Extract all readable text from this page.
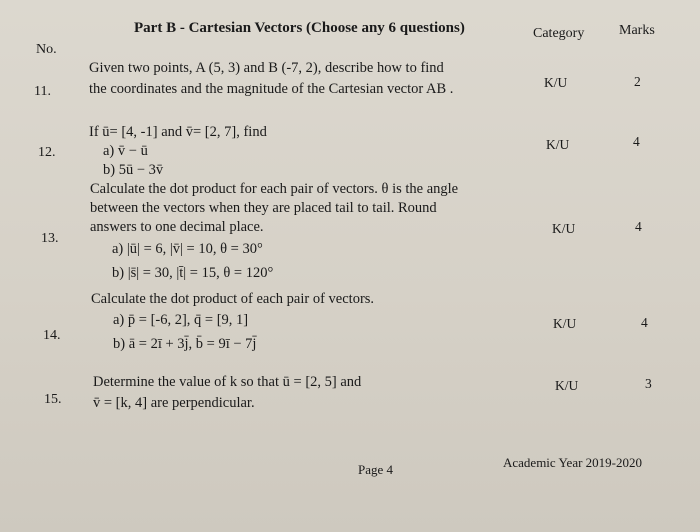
Part B - Cartesian Vectors (Choose any 6 questions)	Category Marks
No.
11.
Given two points, A (5, 3) and B (-7, 2), describe how to find
the coordinates and the magnitude of the Cartesian vector AB .	K/U	2
12.
If ū= [4, -1] and v̄= [2, 7], find
a) v̄ − ū
b) 5ū − 3v̄
K/U	4
13.
Calculate the dot product for each pair of vectors. θ is the angle
between the vectors when they are placed tail to tail. Round
answers to one decimal place.
a) |ū| = 6, |v̄| = 10, θ = 30°
b) |s̄| = 30, |t̄| = 15, θ = 120°
K/U	4
14.
Calculate the dot product of each pair of vectors.
a) p̄ = [-6, 2], q̄ = [9, 1]
b) ā = 2ī + 3j̄, b̄ = 9ī − 7j̄
K/U	4
15.
Determine the value of k so that ū = [2, 5] and
v̄ = [k, 4] are perpendicular.
K/U	3
Page 4	Academic Year 2019-2020
